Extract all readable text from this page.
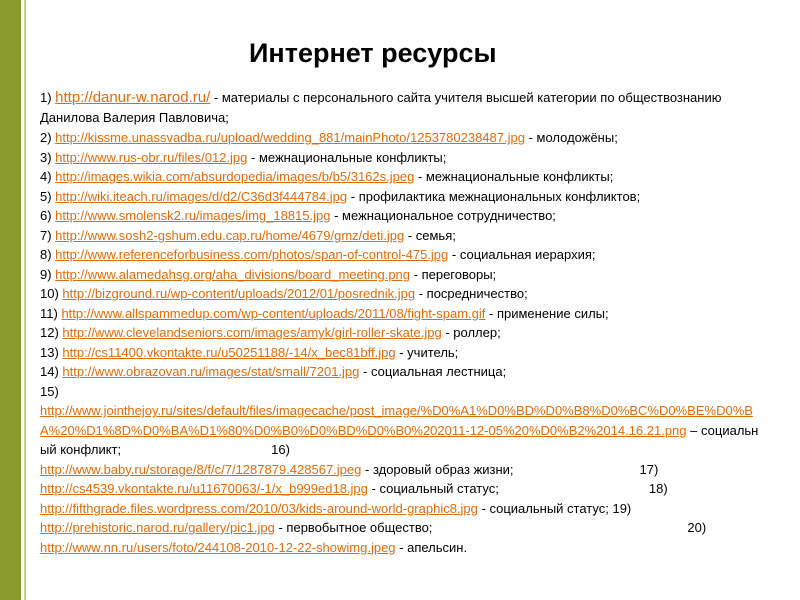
Интернет ресурсы
1) http://danur-w.narod.ru/ - материалы с персонального сайта учителя высшей категории по обществознанию Данилова Валерия Павловича;
2) http://kissme.unassvadba.ru/upload/wedding_881/mainPhoto/1253780238487.jpg - молодожёны;
3) http://www.rus-obr.ru/files/012.jpg - межнациональные конфликты;
4) http://images.wikia.com/absurdopedia/images/b/b5/3162s.jpeg - межнациональные конфликты;
5) http://wiki.iteach.ru/images/d/d2/C36d3f444784.jpg - профилактика межнациональных конфликтов;
6) http://www.smolensk2.ru/images/img_18815.jpg - межнациональное сотрудничество;
7) http://www.sosh2-gshum.edu.cap.ru/home/4679/gmz/deti.jpg - семья;
8) http://www.referenceforbusiness.com/photos/span-of-control-475.jpg - социальная иерархия;
9) http://www.alamedahsg.org/aha_divisions/board_meeting.png - переговоры;
10) http://bizground.ru/wp-content/uploads/2012/01/posrednik.jpg - посредничество;
11) http://www.allspammedup.com/wp-content/uploads/2011/08/fight-spam.gif - применение силы;
12) http://www.clevelandseniors.com/images/amyk/girl-roller-skate.jpg - роллер;
13) http://cs11400.vkontakte.ru/u50251188/-14/x_bec81bff.jpg - учитель;
14) http://www.obrazovan.ru/images/stat/small/7201.jpg - социальная лестница;
15)
http://www.jointhejoy.ru/sites/default/files/imagecache/post_image/%D0%A1%D0%BD%D0%B8%D0%BC%D0%BE%D0%BA%20%D1%8D%D0%BA%D1%80%D0%B0%D0%BD%D0%B0%202011-12-05%20%D0%B2%2014.16.21.png – социальный конфликт;	16)
http://www.baby.ru/storage/8/f/c/7/1287879.428567.jpeg - здоровый образ жизни;	17)
http://cs4539.vkontakte.ru/u11670063/-1/x_b999ed18.jpg - социальный статус;	18)
http://fifthgrade.files.wordpress.com/2010/03/kids-around-world-graphic8.jpg - социальный статус; 19)
http://prehistoric.narod.ru/gallery/pic1.jpg - первобытное общество;	20)
http://www.nn.ru/users/foto/244108-2010-12-22-showimg.jpeg - апельсин.
